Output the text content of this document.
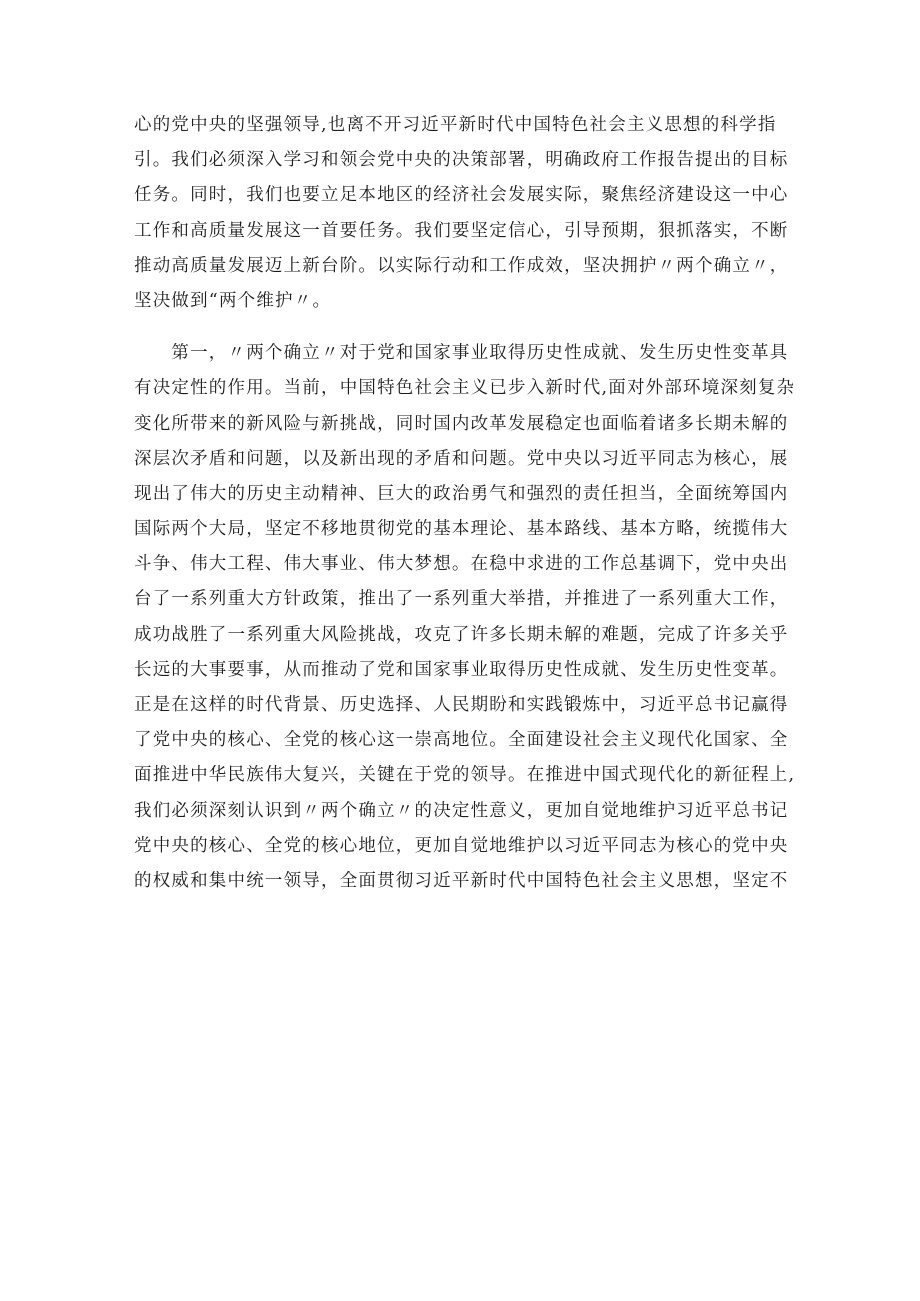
心的党中央的坚强领导,也离不开习近平新时代中国特色社会主义思想的科学指
引。我们必须深入学习和领会党中央的决策部署，明确政府工作报告提出的目标
任务。同时，我们也要立足本地区的经济社会发展实际，聚焦经济建设这一中心
工作和高质量发展这一首要任务。我们要坚定信心，引导预期，狠抓落实，不断
推动高质量发展迈上新台阶。以实际行动和工作成效，坚决拥护〃两个确立〃，
坚决做到“两个维护〃。
　　第一，〃两个确立〃对于党和国家事业取得历史性成就、发生历史性变革具
有决定性的作用。当前，中国特色社会主义已步入新时代,面对外部环境深刻复杂
变化所带来的新风险与新挑战，同时国内改革发展稳定也面临着诸多长期未解的
深层次矛盾和问题，以及新出现的矛盾和问题。党中央以习近平同志为核心，展
现出了伟大的历史主动精神、巨大的政治勇气和强烈的责任担当，全面统筹国内
国际两个大局，坚定不移地贯彻党的基本理论、基本路线、基本方略，统揽伟大
斗争、伟大工程、伟大事业、伟大梦想。在稳中求进的工作总基调下，党中央出
台了一系列重大方针政策，推出了一系列重大举措，并推进了一系列重大工作，
成功战胜了一系列重大风险挑战，攻克了许多长期未解的难题，完成了许多关乎
长远的大事要事，从而推动了党和国家事业取得历史性成就、发生历史性变革。
正是在这样的时代背景、历史选择、人民期盼和实践锻炼中，习近平总书记赢得
了党中央的核心、全党的核心这一崇高地位。全面建设社会主义现代化国家、全
面推进中华民族伟大复兴，关键在于党的领导。在推进中国式现代化的新征程上,
我们必须深刻认识到〃两个确立〃的决定性意义，更加自觉地维护习近平总书记
党中央的核心、全党的核心地位，更加自觉地维护以习近平同志为核心的党中央
的权威和集中统一领导，全面贯彻习近平新时代中国特色社会主义思想，坚定不
